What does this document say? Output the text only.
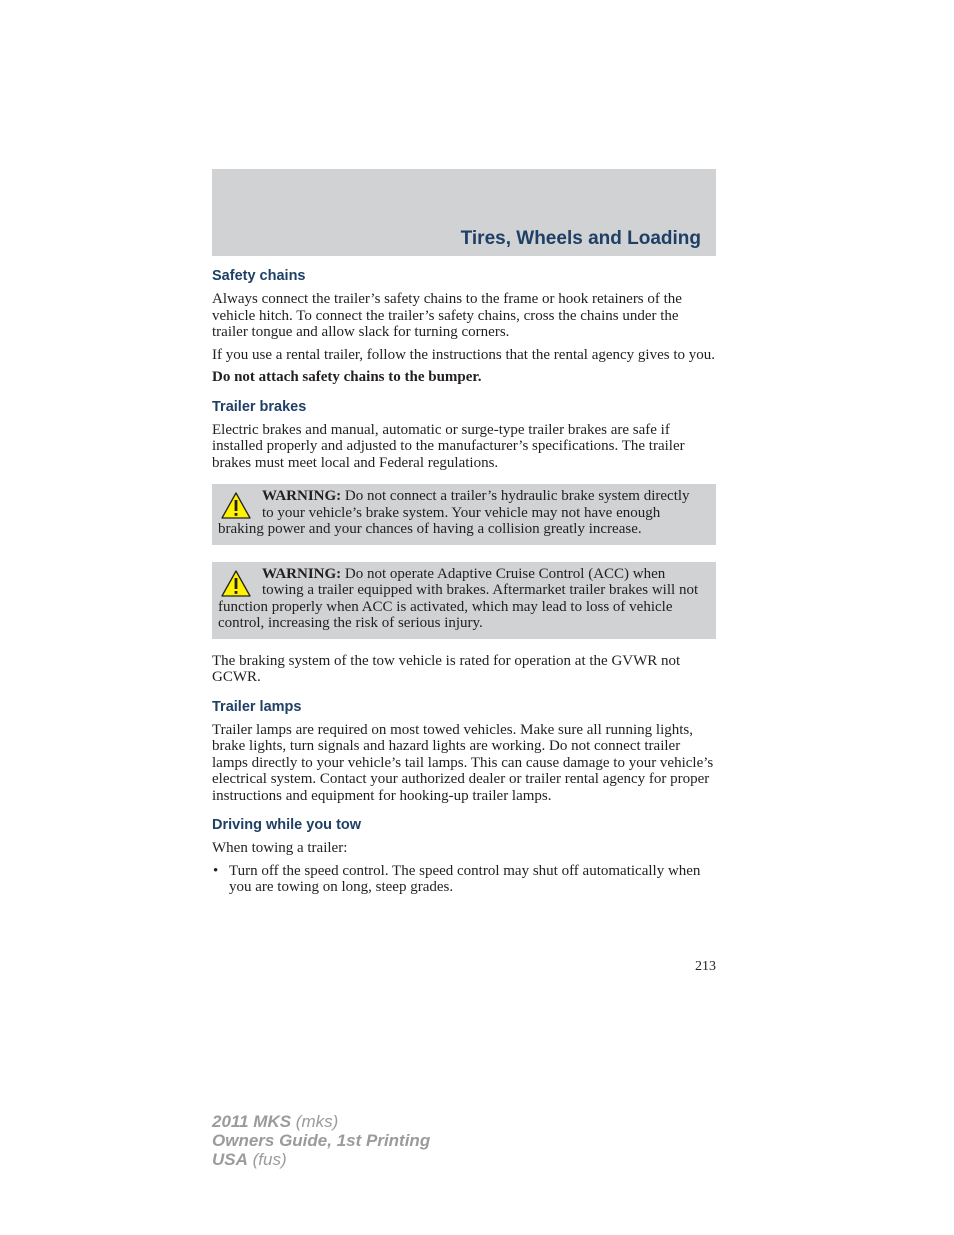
Tires, Wheels and Loading
Safety chains

Always connect the trailer’s safety chains to the frame or hook retainers of the vehicle hitch. To connect the trailer’s safety chains, cross the chains under the trailer tongue and allow slack for turning corners.

If you use a rental trailer, follow the instructions that the rental agency gives to you.

Do not attach safety chains to the bumper.

Trailer brakes

Electric brakes and manual, automatic or surge-type trailer brakes are safe if installed properly and adjusted to the manufacturer’s specifications. The trailer brakes must meet local and Federal regulations.

WARNING: Do not connect a trailer’s hydraulic brake system directly to your vehicle’s brake system. Your vehicle may not have enough braking power and your chances of having a collision greatly increase.
WARNING: Do not operate Adaptive Cruise Control (ACC) when towing a trailer equipped with brakes. Aftermarket trailer brakes will not function properly when ACC is activated, which may lead to loss of vehicle control, increasing the risk of serious injury.

The braking system of the tow vehicle is rated for operation at the GVWR not GCWR.

Trailer lamps

Trailer lamps are required on most towed vehicles. Make sure all running lights, brake lights, turn signals and hazard lights are working. Do not connect trailer lamps directly to your vehicle’s tail lamps. This can cause damage to your vehicle’s electrical system. Contact your authorized dealer or trailer rental agency for proper instructions and equipment for hooking-up trailer lamps.

Driving while you tow

When towing a trailer:

• Turn off the speed control. The speed control may shut off automatically when you are towing on long, steep grades.
213
2011 MKS (mks)
Owners Guide, 1st Printing
USA (fus)
